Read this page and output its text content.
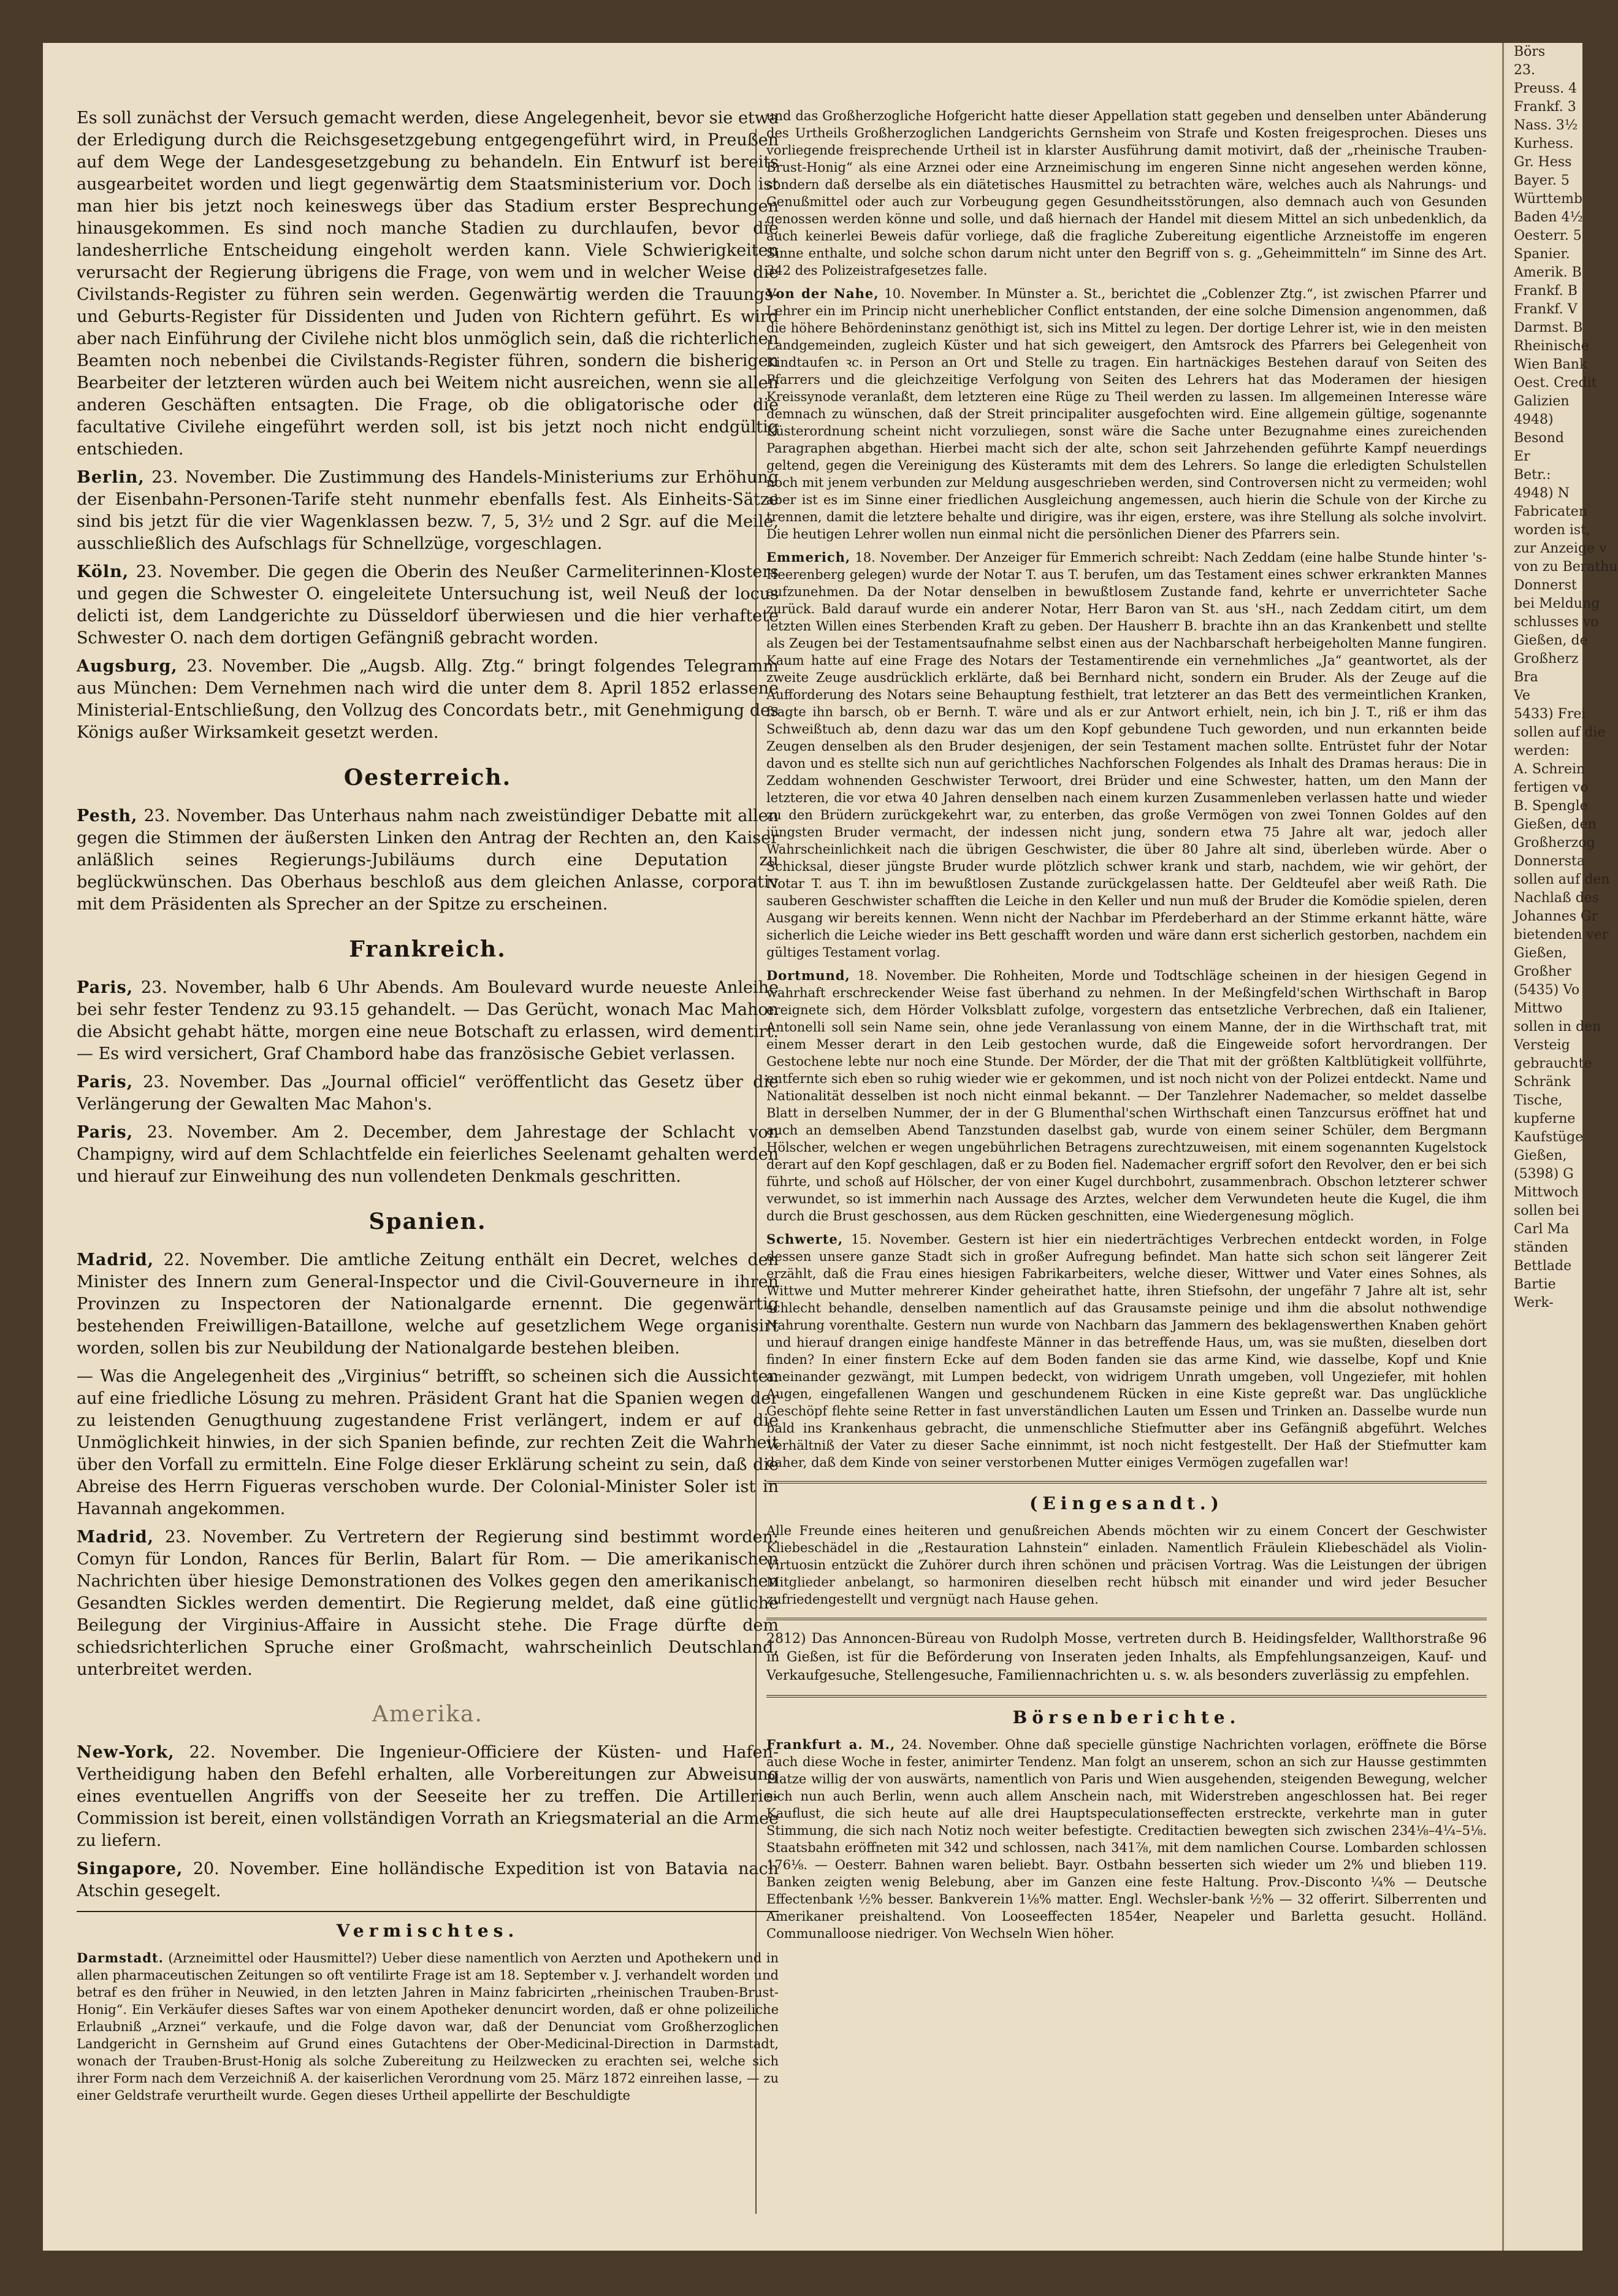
Es soll zunächst der Versuch gemacht werden, diese Angelegenheit, bevor sie etwa der Erledigung durch die Reichsgesetzgebung entgegengeführt wird, in Preußen auf dem Wege der Landesgesetzgebung zu behandeln. Ein Entwurf ist bereits ausgearbeitet worden und liegt gegenwärtig dem Staatsministerium vor. Doch ist man hier bis jetzt noch keineswegs über das Stadium erster Besprechungen hinausgekommen. Es sind noch manche Stadien zu durchlaufen, bevor die landesherrliche Entscheidung eingeholt werden kann. Viele Schwierigkeiten verursacht der Regierung übrigens die Frage, von wem und in welcher Weise die Civilstands-Register zu führen sein werden. Gegenwärtig werden die Trauungs- und Geburts-Register für Dissidenten und Juden von Richtern geführt. Es wird aber nach Einführung der Civilehe nicht blos unmöglich sein, daß die richterlichen Beamten noch nebenbei die Civilstands-Register führen, sondern die bisherigen Bearbeiter der letzteren würden auch bei Weitem nicht ausreichen, wenn sie allen anderen Geschäften entsagten. Die Frage, ob die obligatorische oder die facultative Civilehe eingeführt werden soll, ist bis jetzt noch nicht endgültig entschieden.

Berlin, 23. November. Die Zustimmung des Handels-Ministeriums zur Erhöhung der Eisenbahn-Personen-Tarife steht nunmehr ebenfalls fest. Als Einheits-Sätze sind bis jetzt für die vier Wagenklassen bezw. 7, 5, 3½ und 2 Sgr. auf die Meile, ausschließlich des Aufschlags für Schnellzüge, vorgeschlagen.

Köln, 23. November. Die gegen die Oberin des Neußer Carmeliterinnen-Klosters und gegen die Schwester O. eingeleitete Untersuchung ist, weil Neuß der locus delicti ist, dem Landgerichte zu Düsseldorf überwiesen und die hier verhaftete Schwester O. nach dem dortigen Gefängniß gebracht worden.

Augsburg, 23. November. Die „Augsb. Allg. Ztg.“ bringt folgendes Telegramm aus München: Dem Vernehmen nach wird die unter dem 8. April 1852 erlassene Ministerial-Entschließung, den Vollzug des Concordats betr., mit Genehmigung des Königs außer Wirksamkeit gesetzt werden.

Oesterreich.

Pesth, 23. November. Das Unterhaus nahm nach zweistündiger Debatte mit allen gegen die Stimmen der äußersten Linken den Antrag der Rechten an, den Kaiser anläßlich seines Regierungs-Jubiläums durch eine Deputation zu beglückwünschen. Das Oberhaus beschloß aus dem gleichen Anlasse, corporativ mit dem Präsidenten als Sprecher an der Spitze zu erscheinen.

Frankreich.

Paris, 23. November, halb 6 Uhr Abends. Am Boulevard wurde neueste Anleihe bei sehr fester Tendenz zu 93.15 gehandelt. — Das Gerücht, wonach Mac Mahon die Absicht gehabt hätte, morgen eine neue Botschaft zu erlassen, wird dementirt. — Es wird versichert, Graf Chambord habe das französische Gebiet verlassen.

Paris, 23. November. Das „Journal officiel“ veröffentlicht das Gesetz über die Verlängerung der Gewalten Mac Mahon's.

Paris, 23. November. Am 2. December, dem Jahrestage der Schlacht von Champigny, wird auf dem Schlachtfelde ein feierliches Seelenamt gehalten werden und hierauf zur Einweihung des nun vollendeten Denkmals geschritten.

Spanien.

Madrid, 22. November. Die amtliche Zeitung enthält ein Decret, welches den Minister des Innern zum General-Inspector und die Civil-Gouverneure in ihren Provinzen zu Inspectoren der Nationalgarde ernennt. Die gegenwärtig bestehenden Freiwilligen-Bataillone, welche auf gesetzlichem Wege organisirt worden, sollen bis zur Neubildung der Nationalgarde bestehen bleiben.

— Was die Angelegenheit des „Virginius“ betrifft, so scheinen sich die Aussichten auf eine friedliche Lösung zu mehren. Präsident Grant hat die Spanien wegen der zu leistenden Genugthuung zugestandene Frist verlängert, indem er auf die Unmöglichkeit hinwies, in der sich Spanien befinde, zur rechten Zeit die Wahrheit über den Vorfall zu ermitteln. Eine Folge dieser Erklärung scheint zu sein, daß die Abreise des Herrn Figueras verschoben wurde. Der Colonial-Minister Soler ist in Havannah angekommen.

Madrid, 23. November. Zu Vertretern der Regierung sind bestimmt worden: Comyn für London, Rances für Berlin, Balart für Rom. — Die amerikanischen Nachrichten über hiesige Demonstrationen des Volkes gegen den amerikanischen Gesandten Sickles werden dementirt. Die Regierung meldet, daß eine gütliche Beilegung der Virginius-Affaire in Aussicht stehe. Die Frage dürfte dem schiedsrichterlichen Spruche einer Großmacht, wahrscheinlich Deutschland, unterbreitet werden.

Amerika.

New-York, 22. November. Die Ingenieur-Officiere der Küsten- und Hafen-Vertheidigung haben den Befehl erhalten, alle Vorbereitungen zur Abweisung eines eventuellen Angriffs von der Seeseite her zu treffen. Die Artillerie-Commission ist bereit, einen vollständigen Vorrath an Kriegsmaterial an die Armee zu liefern.

Singapore, 20. November. Eine holländische Expedition ist von Batavia nach Atschin gesegelt.

Vermischtes.

Darmstadt. (Arzneimittel oder Hausmittel?) Ueber diese namentlich von Aerzten und Apothekern und in allen pharmaceutischen Zeitungen so oft ventilirte Frage ist am 18. September v. J. verhandelt worden und betraf es den früher in Neuwied, in den letzten Jahren in Mainz fabricirten „rheinischen Trauben-Brust-Honig“. Ein Verkäufer dieses Saftes war von einem Apotheker denuncirt worden, daß er ohne polizeiliche Erlaubniß „Arznei“ verkaufe, und die Folge davon war, daß der Denunciat vom Großherzoglichen Landgericht in Gernsheim auf Grund eines Gutachtens der Ober-Medicinal-Direction in Darmstadt, wonach der Trauben-Brust-Honig als solche Zubereitung zu Heilzwecken zu erachten sei, welche sich ihrer Form nach dem Verzeichniß A. der kaiserlichen Verordnung vom 25. März 1872 einreihen lasse, — zu einer Geldstrafe verurtheilt wurde. Gegen dieses Urtheil appellirte der Beschuldigte

und das Großherzogliche Hofgericht hatte dieser Appellation statt gegeben und denselben unter Abänderung des Urtheils Großherzoglichen Landgerichts Gernsheim von Strafe und Kosten freigesprochen. Dieses uns vorliegende freisprechende Urtheil ist in klarster Ausführung damit motivirt, daß der „rheinische Trauben-Brust-Honig“ als eine Arznei oder eine Arzneimischung im engeren Sinne nicht angesehen werden könne, sondern daß derselbe als ein diätetisches Hausmittel zu betrachten wäre, welches auch als Nahrungs- und Genußmittel oder auch zur Vorbeugung gegen Gesundheitsstörungen, also demnach auch von Gesunden genossen werden könne und solle, und daß hiernach der Handel mit diesem Mittel an sich unbedenklich, da auch keinerlei Beweis dafür vorliege, daß die fragliche Zubereitung eigentliche Arzneistoffe im engeren Sinne enthalte, und solche schon darum nicht unter den Begriff von s. g. „Geheimmitteln“ im Sinne des Art. 342 des Polizeistrafgesetzes falle.

Von der Nahe, 10. November. In Münster a. St., berichtet die „Coblenzer Ztg.“, ist zwischen Pfarrer und Lehrer ein im Princip nicht unerheblicher Conflict entstanden, der eine solche Dimension angenommen, daß die höhere Behördeninstanz genöthigt ist, sich ins Mittel zu legen. Der dortige Lehrer ist, wie in den meisten Landgemeinden, zugleich Küster und hat sich geweigert, den Amtsrock des Pfarrers bei Gelegenheit von Kindtaufen ꝛc. in Person an Ort und Stelle zu tragen. Ein hartnäckiges Bestehen darauf von Seiten des Pfarrers und die gleichzeitige Verfolgung von Seiten des Lehrers hat das Moderamen der hiesigen Kreissynode veranlaßt, dem letzteren eine Rüge zu Theil werden zu lassen. Im allgemeinen Interesse wäre demnach zu wünschen, daß der Streit principaliter ausgefochten wird. Eine allgemein gültige, sogenannte Küsterordnung scheint nicht vorzuliegen, sonst wäre die Sache unter Bezugnahme eines zureichenden Paragraphen abgethan. Hierbei macht sich der alte, schon seit Jahrzehenden geführte Kampf neuerdings geltend, gegen die Vereinigung des Küsteramts mit dem des Lehrers. So lange die erledigten Schulstellen noch mit jenem verbunden zur Meldung ausgeschrieben werden, sind Controversen nicht zu vermeiden; wohl aber ist es im Sinne einer friedlichen Ausgleichung angemessen, auch hierin die Schule von der Kirche zu trennen, damit die letztere behalte und dirigire, was ihr eigen, erstere, was ihre Stellung als solche involvirt. Die heutigen Lehrer wollen nun einmal nicht die persönlichen Diener des Pfarrers sein.

Emmerich, 18. November. Der Anzeiger für Emmerich schreibt: Nach Zeddam (eine halbe Stunde hinter 's-Heerenberg gelegen) wurde der Notar T. aus T. berufen, um das Testament eines schwer erkrankten Mannes aufzunehmen. Da der Notar denselben in bewußtlosem Zustande fand, kehrte er unverrichteter Sache zurück. Bald darauf wurde ein anderer Notar, Herr Baron van St. aus 'sH., nach Zeddam citirt, um dem letzten Willen eines Sterbenden Kraft zu geben. Der Hausherr B. brachte ihn an das Krankenbett und stellte als Zeugen bei der Testamentsaufnahme selbst einen aus der Nachbarschaft herbeigeholten Manne fungiren. Kaum hatte auf eine Frage des Notars der Testamentirende ein vernehmliches „Ja“ geantwortet, als der zweite Zeuge ausdrücklich erklärte, daß bei Bernhard nicht, sondern ein Bruder. Als der Zeuge auf die Aufforderung des Notars seine Behauptung festhielt, trat letzterer an das Bett des vermeintlichen Kranken, fragte ihn barsch, ob er Bernh. T. wäre und als er zur Antwort erhielt, nein, ich bin J. T., riß er ihm das Schweißtuch ab, denn dazu war das um den Kopf gebundene Tuch geworden, und nun erkannten beide Zeugen denselben als den Bruder desjenigen, der sein Testament machen sollte. Entrüstet fuhr der Notar davon und es stellte sich nun auf gerichtliches Nachforschen Folgendes als Inhalt des Dramas heraus: Die in Zeddam wohnenden Geschwister Terwoort, drei Brüder und eine Schwester, hatten, um den Mann der letzteren, die vor etwa 40 Jahren denselben nach einem kurzen Zusammenleben verlassen hatte und wieder zu den Brüdern zurückgekehrt war, zu enterben, das große Vermögen von zwei Tonnen Goldes auf den jüngsten Bruder vermacht, der indessen nicht jung, sondern etwa 75 Jahre alt war, jedoch aller Wahrscheinlichkeit nach die übrigen Geschwister, die über 80 Jahre alt sind, überleben würde. Aber o Schicksal, dieser jüngste Bruder wurde plötzlich schwer krank und starb, nachdem, wie wir gehört, der Notar T. aus T. ihn im bewußtlosen Zustande zurückgelassen hatte. Der Geldteufel aber weiß Rath. Die sauberen Geschwister schafften die Leiche in den Keller und nun muß der Bruder die Komödie spielen, deren Ausgang wir bereits kennen. Wenn nicht der Nachbar im Pferdeberhard an der Stimme erkannt hätte, wäre sicherlich die Leiche wieder ins Bett geschafft worden und wäre dann erst sicherlich gestorben, nachdem ein gültiges Testament vorlag.

Dortmund, 18. November. Die Rohheiten, Morde und Todtschläge scheinen in der hiesigen Gegend in wahrhaft erschreckender Weise fast überhand zu nehmen. In der Meßingfeld'schen Wirthschaft in Barop ereignete sich, dem Hörder Volksblatt zufolge, vorgestern das entsetzliche Verbrechen, daß ein Italiener, Antonelli soll sein Name sein, ohne jede Veranlassung von einem Manne, der in die Wirthschaft trat, mit einem Messer derart in den Leib gestochen wurde, daß die Eingeweide sofort hervordrangen. Der Gestochene lebte nur noch eine Stunde. Der Mörder, der die That mit der größten Kaltblütigkeit vollführte, entfernte sich eben so ruhig wieder wie er gekommen, und ist noch nicht von der Polizei entdeckt. Name und Nationalität desselben ist noch nicht einmal bekannt. — Der Tanzlehrer Nademacher, so meldet dasselbe Blatt in derselben Nummer, der in der G Blumenthal'schen Wirthschaft einen Tanzcursus eröffnet hat und auch an demselben Abend Tanzstunden daselbst gab, wurde von einem seiner Schüler, dem Bergmann Hölscher, welchen er wegen ungebührlichen Betragens zurechtzuweisen, mit einem sogenannten Kugelstock derart auf den Kopf geschlagen, daß er zu Boden fiel. Nademacher ergriff sofort den Revolver, den er bei sich führte, und schoß auf Hölscher, der von einer Kugel durchbohrt, zusammenbrach. Obschon letzterer schwer verwundet, so ist immerhin nach Aussage des Arztes, welcher dem Verwundeten heute die Kugel, die ihm durch die Brust geschossen, aus dem Rücken geschnitten, eine Wiedergenesung möglich.

Schwerte, 15. November. Gestern ist hier ein niederträchtiges Verbrechen entdeckt worden, in Folge dessen unsere ganze Stadt sich in großer Aufregung befindet. Man hatte sich schon seit längerer Zeit erzählt, daß die Frau eines hiesigen Fabrikarbeiters, welche dieser, Wittwer und Vater eines Sohnes, als Wittwe und Mutter mehrerer Kinder geheirathet hatte, ihren Stiefsohn, der ungefähr 7 Jahre alt ist, sehr schlecht behandle, denselben namentlich auf das Grausamste peinige und ihm die absolut nothwendige Nahrung vorenthalte. Gestern nun wurde von Nachbarn das Jammern des beklagenswerthen Knaben gehört und hierauf drangen einige handfeste Männer in das betreffende Haus, um, was sie mußten, dieselben dort finden? In einer finstern Ecke auf dem Boden fanden sie das arme Kind, wie dasselbe, Kopf und Knie aneinander gezwängt, mit Lumpen bedeckt, von widrigem Unrath umgeben, voll Ungeziefer, mit hohlen Augen, eingefallenen Wangen und geschundenem Rücken in eine Kiste gepreßt war. Das unglückliche Geschöpf flehte seine Retter in fast unverständlichen Lauten um Essen und Trinken an. Dasselbe wurde nun bald ins Krankenhaus gebracht, die unmenschliche Stiefmutter aber ins Gefängniß abgeführt. Welches Verhältniß der Vater zu dieser Sache einnimmt, ist noch nicht festgestellt. Der Haß der Stiefmutter kam daher, daß dem Kinde von seiner verstorbenen Mutter einiges Vermögen zugefallen war!

(Eingesandt.)

Alle Freunde eines heiteren und genußreichen Abends möchten wir zu einem Concert der Geschwister Kliebeschädel in die „Restauration Lahnstein“ einladen. Namentlich Fräulein Kliebeschädel als Violin-Virtuosin entzückt die Zuhörer durch ihren schönen und präcisen Vortrag. Was die Leistungen der übrigen Mitglieder anbelangt, so harmoniren dieselben recht hübsch mit einander und wird jeder Besucher zufriedengestellt und vergnügt nach Hause gehen.

2812) Das Annoncen-Büreau von Rudolph Mosse, vertreten durch B. Heidingsfelder, Wallthorstraße 96 in Gießen, ist für die Beförderung von Inseraten jeden Inhalts, als Empfehlungsanzeigen, Kauf- und Verkaufgesuche, Stellengesuche, Familiennachrichten u. s. w. als besonders zuverlässig zu empfehlen.

Börsenberichte.

Frankfurt a. M., 24. November. Ohne daß specielle günstige Nachrichten vorlagen, eröffnete die Börse auch diese Woche in fester, animirter Tendenz. Man folgt an unserem, schon an sich zur Hausse gestimmten Platze willig der von auswärts, namentlich von Paris und Wien ausgehenden, steigenden Bewegung, welcher sich nun auch Berlin, wenn auch allem Anschein nach, mit Widerstreben angeschlossen hat. Bei reger Kauflust, die sich heute auf alle drei Hauptspeculationseffecten erstreckte, verkehrte man in guter Stimmung, die sich nach Notiz noch weiter befestigte. Creditactien bewegten sich zwischen 234⅛–4¼–5⅛. Staatsbahn eröffneten mit 342 und schlossen, nach 341⅞, mit dem namlichen Course. Lombarden schlossen 176⅛. — Oesterr. Bahnen waren beliebt. Bayr. Ostbahn besserten sich wieder um 2% und blieben 119. Banken zeigten wenig Belebung, aber im Ganzen eine feste Haltung. Prov.-Disconto ¼% — Deutsche Effectenbank ½% besser. Bankverein 1⅛% matter. Engl. Wechsler-bank ½% — 32 offerirt. Silberrenten und Amerikaner preishaltend. Von Looseeffecten 1854er, Neapeler und Barletta gesucht. Holländ. Communalloose niedriger. Von Wechseln Wien höher.

Börs
23.
Preuss. 4
Frankf. 3
Nass. 3½
Kurhess.
Gr. Hess
Bayer. 5
Württemb
Baden 4½
Oesterr. 5
Spanier.
Amerik. B
Frankf. B
Frankf. V
Darmst. B
Rheinische
Wien Bank
Oest. Credit
Galizien
4948)
Besond
Er
Betr.:
4948) N
Fabricaten
worden ist,
zur Anzeige v
von zu Berathu
Donnerst
bei Meldung
schlusses vo
Gießen, de
Großherz
Bra
Ve
5433) Frei
sollen auf die
werden:
A. Schrein
fertigen vo
B. Spengle
Gießen, den
Großherzog
Donnersta
sollen auf den
Nachlaß des
Johannes Gr
bietenden ver
Gießen,
Großher
(5435) Vo
Mittwo
sollen in den
Versteig
gebrauchte
Schränk
Tische,
kupferne
Kaufstüge
Gießen,
(5398) G
Mittwoch
sollen bei
Carl Ma
ständen
Bettlade
Bartie
Werk-
